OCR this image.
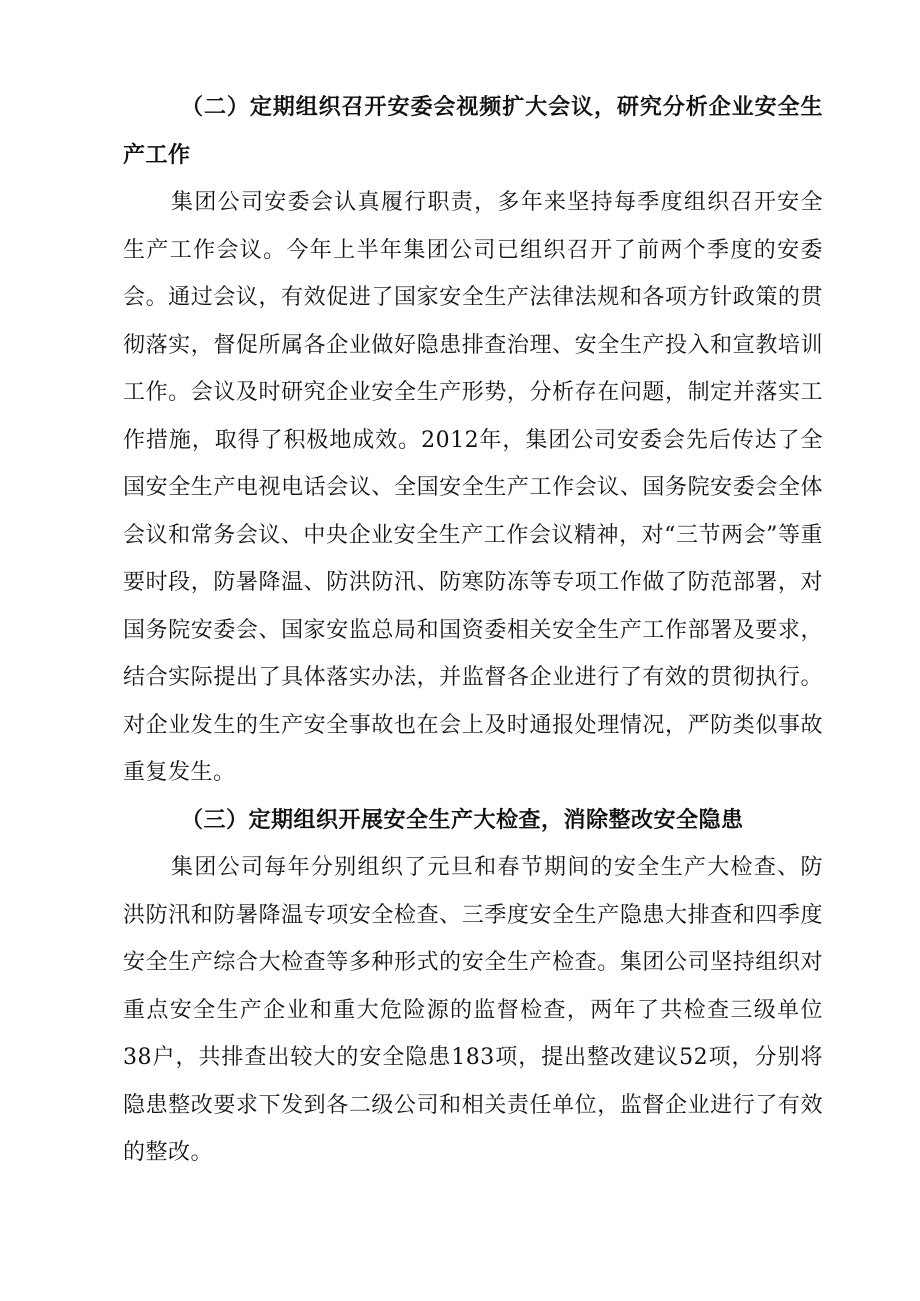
（二）定期组织召开安委会视频扩大会议，研究分析企业安全生产工作

集团公司安委会认真履行职责，多年来坚持每季度组织召开安全生产工作会议。今年上半年集团公司已组织召开了前两个季度的安委会。通过会议，有效促进了国家安全生产法律法规和各项方针政策的贯彻落实，督促所属各企业做好隐患排查治理、安全生产投入和宣教培训工作。会议及时研究企业安全生产形势，分析存在问题，制定并落实工作措施，取得了积极地成效。2012年，集团公司安委会先后传达了全国安全生产电视电话会议、全国安全生产工作会议、国务院安委会全体会议和常务会议、中央企业安全生产工作会议精神，对“三节两会”等重要时段，防暑降温、防洪防汛、防寒防冻等专项工作做了防范部署，对国务院安委会、国家安监总局和国资委相关安全生产工作部署及要求，结合实际提出了具体落实办法，并监督各企业进行了有效的贯彻执行。对企业发生的生产安全事故也在会上及时通报处理情况，严防类似事故重复发生。

（三）定期组织开展安全生产大检查，消除整改安全隐患

集团公司每年分别组织了元旦和春节期间的安全生产大检查、防洪防汛和防暑降温专项安全检查、三季度安全生产隐患大排查和四季度安全生产综合大检查等多种形式的安全生产检查。集团公司坚持组织对重点安全生产企业和重大危险源的监督检查，两年了共检查三级单位38户，共排查出较大的安全隐患183项，提出整改建议52项，分别将隐患整改要求下发到各二级公司和相关责任单位，监督企业进行了有效的整改。
